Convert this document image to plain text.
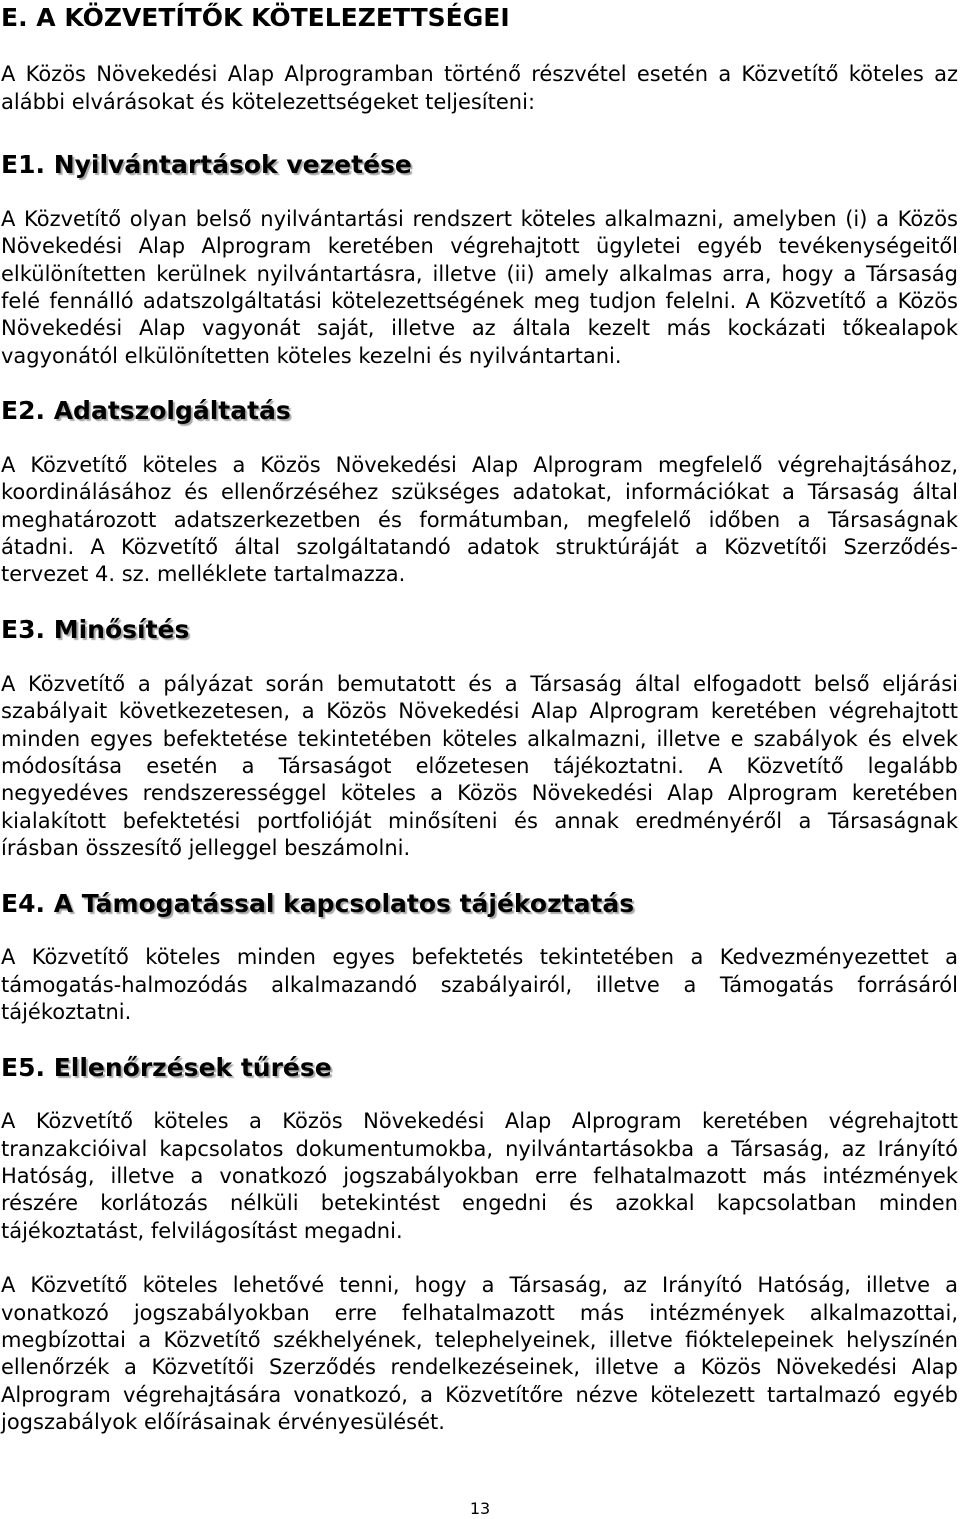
E. A KÖZVETÍTŐK KÖTELEZETTSÉGEI
A Közös Növekedési Alap Alprogramban történő részvétel esetén a Közvetítő köteles az
alábbi elvárásokat és kötelezettségeket teljesíteni:
E1. Nyilvántartások vezetése
A Közvetítő olyan belső nyilvántartási rendszert köteles alkalmazni, amelyben (i) a Közös
Növekedési Alap Alprogram keretében végrehajtott ügyletei egyéb tevékenységeitől
elkülönítetten kerülnek nyilvántartásra, illetve (ii) amely alkalmas arra, hogy a Társaság
felé fennálló adatszolgáltatási kötelezettségének meg tudjon felelni. A Közvetítő a Közös
Növekedési Alap vagyonát saját, illetve az általa kezelt más kockázati tőkealapok
vagyonától elkülönítetten köteles kezelni és nyilvántartani.
E2. Adatszolgáltatás
A Közvetítő köteles a Közös Növekedési Alap Alprogram megfelelő végrehajtásához,
koordinálásához és ellenőrzéséhez szükséges adatokat, információkat a Társaság által
meghatározott adatszerkezetben és formátumban, megfelelő időben a Társaságnak
átadni. A Közvetítő által szolgáltatandó adatok struktúráját a Közvetítői Szerződés-
tervezet 4. sz. melléklete tartalmazza.
E3. Minősítés
A Közvetítő a pályázat során bemutatott és a Társaság által elfogadott belső eljárási
szabályait következetesen, a Közös Növekedési Alap Alprogram keretében végrehajtott
minden egyes befektetése tekintetében köteles alkalmazni, illetve e szabályok és elvek
módosítása esetén a Társaságot előzetesen tájékoztatni. A Közvetítő legalább
negyedéves rendszerességgel köteles a Közös Növekedési Alap Alprogram keretében
kialakított befektetési portfolióját minősíteni és annak eredményéről a Társaságnak
írásban összesítő jelleggel beszámolni.
E4. A Támogatással kapcsolatos tájékoztatás
A Közvetítő köteles minden egyes befektetés tekintetében a Kedvezményezettet a
támogatás-halmozódás alkalmazandó szabályairól, illetve a Támogatás forrásáról
tájékoztatni.
E5. Ellenőrzések tűrése
A Közvetítő köteles a Közös Növekedési Alap Alprogram keretében végrehajtott
tranzakcióival kapcsolatos dokumentumokba, nyilvántartásokba a Társaság, az Irányító
Hatóság, illetve a vonatkozó jogszabályokban erre felhatalmazott más intézmények
részére korlátozás nélküli betekintést engedni és azokkal kapcsolatban minden
tájékoztatást, felvilágosítást megadni.
A Közvetítő köteles lehetővé tenni, hogy a Társaság, az Irányító Hatóság, illetve a
vonatkozó jogszabályokban erre felhatalmazott más intézmények alkalmazottai,
megbízottai a Közvetítő székhelyének, telephelyeinek, illetve fióktelepeinek helyszínén
ellenőrzék a Közvetítői Szerződés rendelkezéseinek, illetve a Közös Növekedési Alap
Alprogram végrehajtására vonatkozó, a Közvetítőre nézve kötelezett tartalmazó egyéb
jogszabályok előírásainak érvényesülését.
13
